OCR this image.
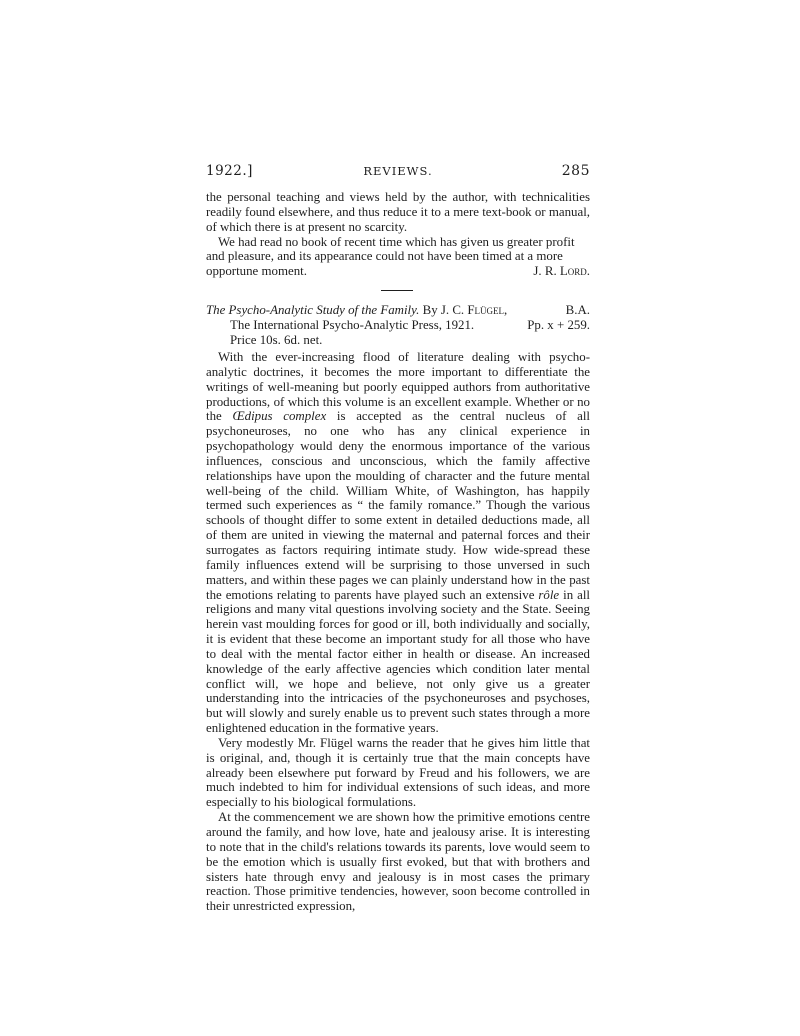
1922.]	REVIEWS.	285

the personal teaching and views held by the author, with technicalities readily found elsewhere, and thus reduce it to a mere text-book or manual, of which there is at present no scarcity.

We had read no book of recent time which has given us greater profit and pleasure, and its appearance could not have been timed at a more opportune moment.	J. R. Lord.

The Psycho-Analytic Study of the Family. By J. C. Flügel,	B.A.
The International Psycho-Analytic Press, 1921.	Pp. x + 259.
Price 10s. 6d. net.

With the ever-increasing flood of literature dealing with psycho-analytic doctrines, it becomes the more important to differentiate the writings of well-meaning but poorly equipped authors from authoritative productions, of which this volume is an excellent example. Whether or no the Œdipus complex is accepted as the central nucleus of all psychoneuroses, no one who has any clinical experience in psychopathology would deny the enormous importance of the various influences, conscious and unconscious, which the family affective relationships have upon the moulding of character and the future mental well-being of the child. William White, of Washington, has happily termed such experiences as “ the family romance.” Though the various schools of thought differ to some extent in detailed deductions made, all of them are united in viewing the maternal and paternal forces and their surrogates as factors requiring intimate study. How wide-spread these family influences extend will be surprising to those unversed in such matters, and within these pages we can plainly understand how in the past the emotions relating to parents have played such an extensive rôle in all religions and many vital questions involving society and the State. Seeing herein vast moulding forces for good or ill, both individually and socially, it is evident that these become an important study for all those who have to deal with the mental factor either in health or disease. An increased knowledge of the early affective agencies which condition later mental conflict will, we hope and believe, not only give us a greater understanding into the intricacies of the psychoneuroses and psychoses, but will slowly and surely enable us to prevent such states through a more enlightened education in the formative years.

Very modestly Mr. Flügel warns the reader that he gives him little that is original, and, though it is certainly true that the main concepts have already been elsewhere put forward by Freud and his followers, we are much indebted to him for individual extensions of such ideas, and more especially to his biological formulations.

At the commencement we are shown how the primitive emotions centre around the family, and how love, hate and jealousy arise. It is interesting to note that in the child's relations towards its parents, love would seem to be the emotion which is usually first evoked, but that with brothers and sisters hate through envy and jealousy is in most cases the primary reaction. Those primitive tendencies, however, soon become controlled in their unrestricted expression,
